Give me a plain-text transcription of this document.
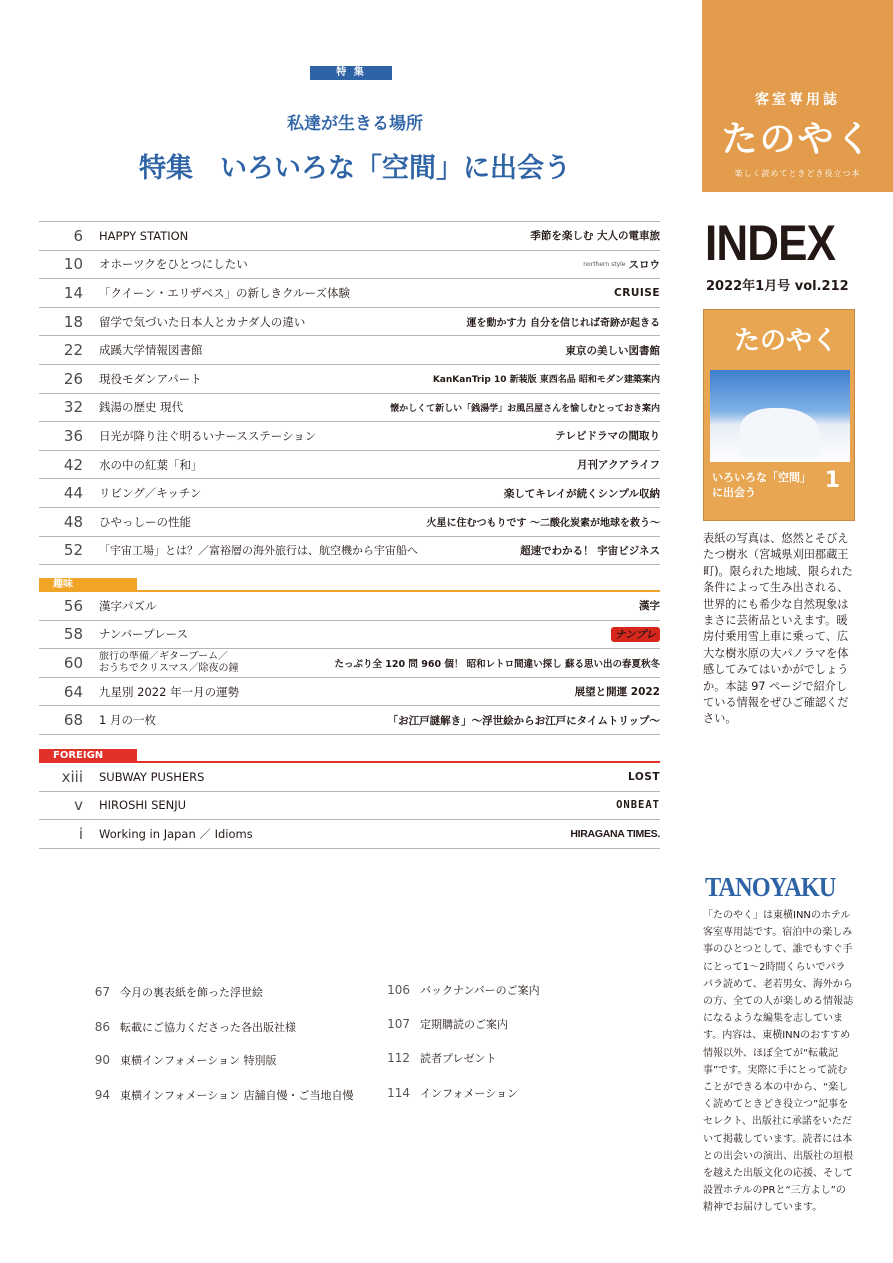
特 集
私達が生きる場所
特集　いろいろな「空間」に出会う
6 HAPPY STATION	季節を楽しむ 大人の電車旅
10 オホーツクをひとつにしたい	northern style スロウ
14 「クイーン・エリザベス」の新しきクルーズ体験	CRUISE
18 留学で気づいた日本人とカナダ人の違い	運を動かす力 自分を信じれば奇跡が起きる
22 成蹊大学情報図書館	東京の美しい図書館
26 現役モダンアパート	KanKanTrip 10 新装版 東西名品 昭和モダン建築案内
32 銭湯の歴史 現代	懐かしくて新しい「銭湯学」お風呂屋さんを愉しむとっておき案内
36 日光が降り注ぐ明るいナースステーション	テレビドラマの間取り
42 水の中の紅葉「和」	月刊アクアライフ
44 リビング／キッチン	楽してキレイが続くシンプル収納
48 ひやっしーの性能	火星に住むつもりです 〜二酸化炭素が地球を救う〜
52 「宇宙工場」とは？／富裕層の海外旅行は、航空機から宇宙船へ	超速でわかる！ 宇宙ビジネス
趣味
56 漢字パズル	漢字
58 ナンバープレース	ナンプレ
60 旅行の準備／ギターブーム／
おうちでクリスマス／除夜の鐘	たっぷり全 120 問 960 個！ 昭和レトロ間違い探し 蘇る思い出の春夏秋冬
64 九星別 2022 年一月の運勢	展望と開運 2022
68 1 月の一枚	「お江戸謎解き」〜浮世絵からお江戸にタイムトリップ〜
FOREIGN
xiii SUBWAY PUSHERS	LOST
v HIROSHI SENJU	ONBEAT
i Working in Japan ／ Idioms	HIRAGANA TIMES.
67 今月の裏表紙を飾った浮世絵
86 転載にご協力くださった各出版社様
90 東横インフォメーション 特別版
94 東横インフォメーション 店舗自慢・ご当地自慢
106 バックナンバーのご案内
107 定期購読のご案内
112 読者プレゼント
114 インフォメーション
客室専用誌
たのやく
楽しく読めてときどき役立つ本
INDEX
2022年1月号 vol.212
たのやく
いろいろな「空間」
に出会う	1
表紙の写真は、悠然とそびえたつ樹氷（宮城県刈田郡蔵王町)。限られた地域、限られた条件によって生み出される、世界的にも希少な自然現象はまさに芸術品といえます。暖房付乗用雪上車に乗って、広大な樹氷原の大パノラマを体感してみてはいかがでしょうか。本誌 97 ページで紹介している情報をぜひご確認ください。
TANOYAKU
「たのやく」は東横INNのホテル客室専用誌です。宿泊中の楽しみ事のひとつとして、誰でもすぐ手にとって1〜2時間くらいでパラパラ読めて、老若男女、海外からの方、全ての人が楽しめる情報誌になるような編集を志しています。内容は、東横INNのおすすめ情報以外、ほぼ全てが“転載記事”です。実際に手にとって読むことができる本の中から、“楽しく読めてときどき役立つ”記事をセレクト、出版社に承諾をいただいて掲載しています。読者には本との出会いの演出、出版社の垣根を越えた出版文化の応援、そして設置ホテルのPRと“三方よし”の精神でお届けしています。
